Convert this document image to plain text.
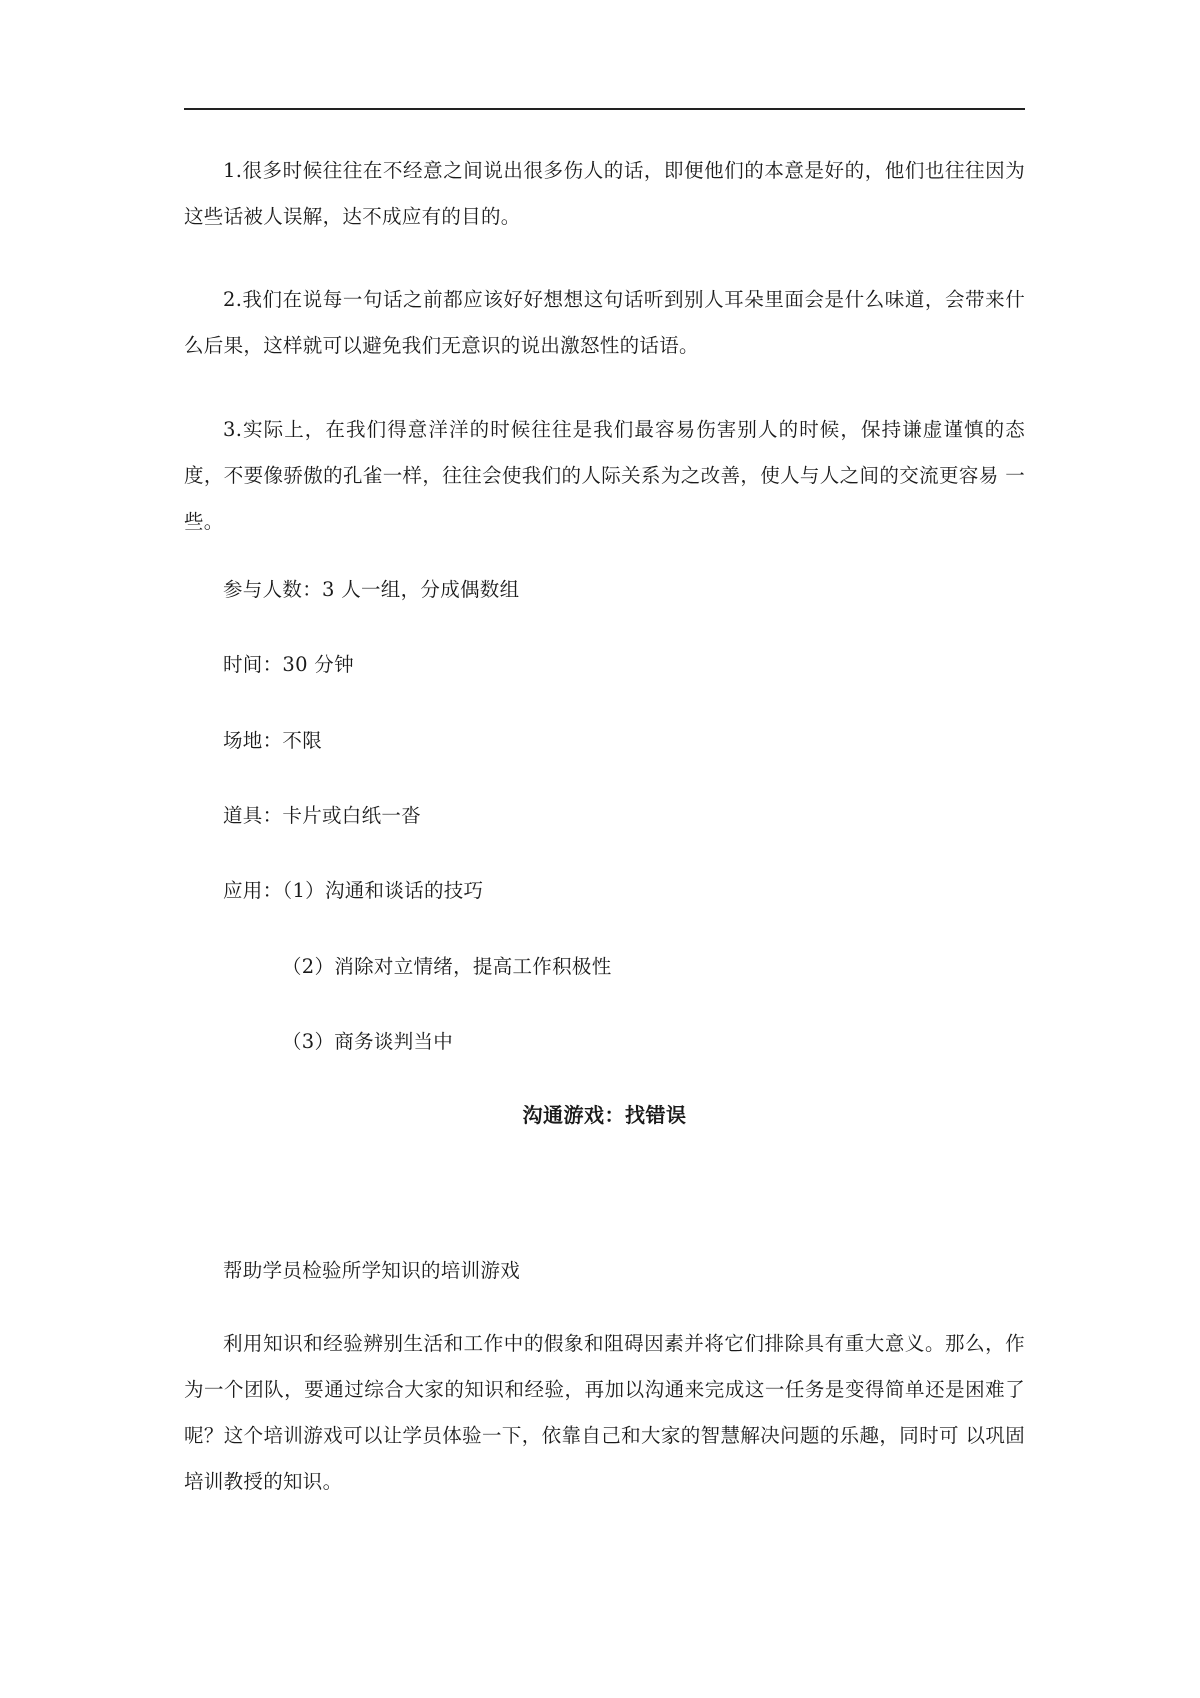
1.很多时候往往在不经意之间说出很多伤人的话，即便他们的本意是好的，他们也往往因为这些话被人误解，达不成应有的目的。

2.我们在说每一句话之前都应该好好想想这句话听到别人耳朵里面会是什么味道，会带来什么后果，这样就可以避免我们无意识的说出激怒性的话语。

3.实际上，在我们得意洋洋的时候往往是我们最容易伤害别人的时候，保持谦虚谨慎的态度，不要像骄傲的孔雀一样，往往会使我们的人际关系为之改善，使人与人之间的交流更容易 一些。

参与人数：3 人一组，分成偶数组

时间：30 分钟

场地：不限

道具：卡片或白纸一沓

应用：（1）沟通和谈话的技巧

（2）消除对立情绪，提高工作积极性

（3）商务谈判当中

沟通游戏：找错误

帮助学员检验所学知识的培训游戏

利用知识和经验辨别生活和工作中的假象和阻碍因素并将它们排除具有重大意义。那么，作为一个团队，要通过综合大家的知识和经验，再加以沟通来完成这一任务是变得简单还是困难了呢？这个培训游戏可以让学员体验一下，依靠自己和大家的智慧解决问题的乐趣，同时可 以巩固培训教授的知识。
